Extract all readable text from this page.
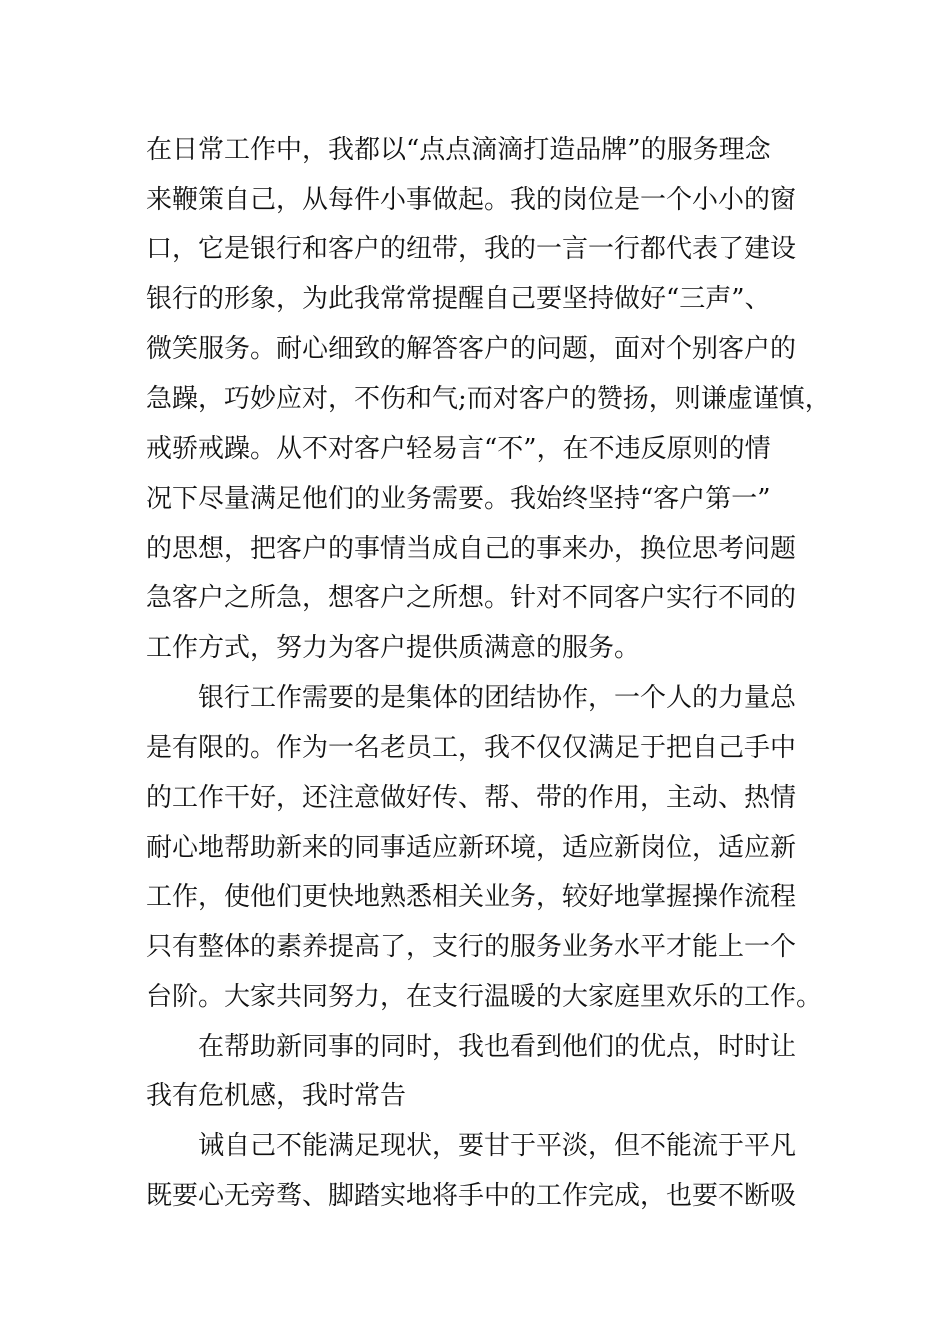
在日常工作中，我都以“点点滴滴打造品牌”的服务理念
来鞭策自己，从每件小事做起。我的岗位是一个小小的窗
口，它是银行和客户的纽带，我的一言一行都代表了建设
银行的形象，为此我常常提醒自己要坚持做好“三声”、
微笑服务。耐心细致的解答客户的问题，面对个别客户的
急躁，巧妙应对，不伤和气;而对客户的赞扬，则谦虚谨慎，
戒骄戒躁。从不对客户轻易言“不”，在不违反原则的情
况下尽量满足他们的业务需要。我始终坚持“客户第一”
的思想，把客户的事情当成自己的事来办，换位思考问题
急客户之所急，想客户之所想。针对不同客户实行不同的
工作方式，努力为客户提供质满意的服务。
银行工作需要的是集体的团结协作，一个人的力量总
是有限的。作为一名老员工，我不仅仅满足于把自己手中
的工作干好，还注意做好传、帮、带的作用，主动、热情
耐心地帮助新来的同事适应新环境，适应新岗位，适应新
工作，使他们更快地熟悉相关业务，较好地掌握操作流程
只有整体的素养提高了，支行的服务业务水平才能上一个
台阶。大家共同努力，在支行温暖的大家庭里欢乐的工作。
在帮助新同事的同时，我也看到他们的优点，时时让
我有危机感，我时常告
诫自己不能满足现状，要甘于平淡，但不能流于平凡
既要心无旁骛、脚踏实地将手中的工作完成，也要不断吸
